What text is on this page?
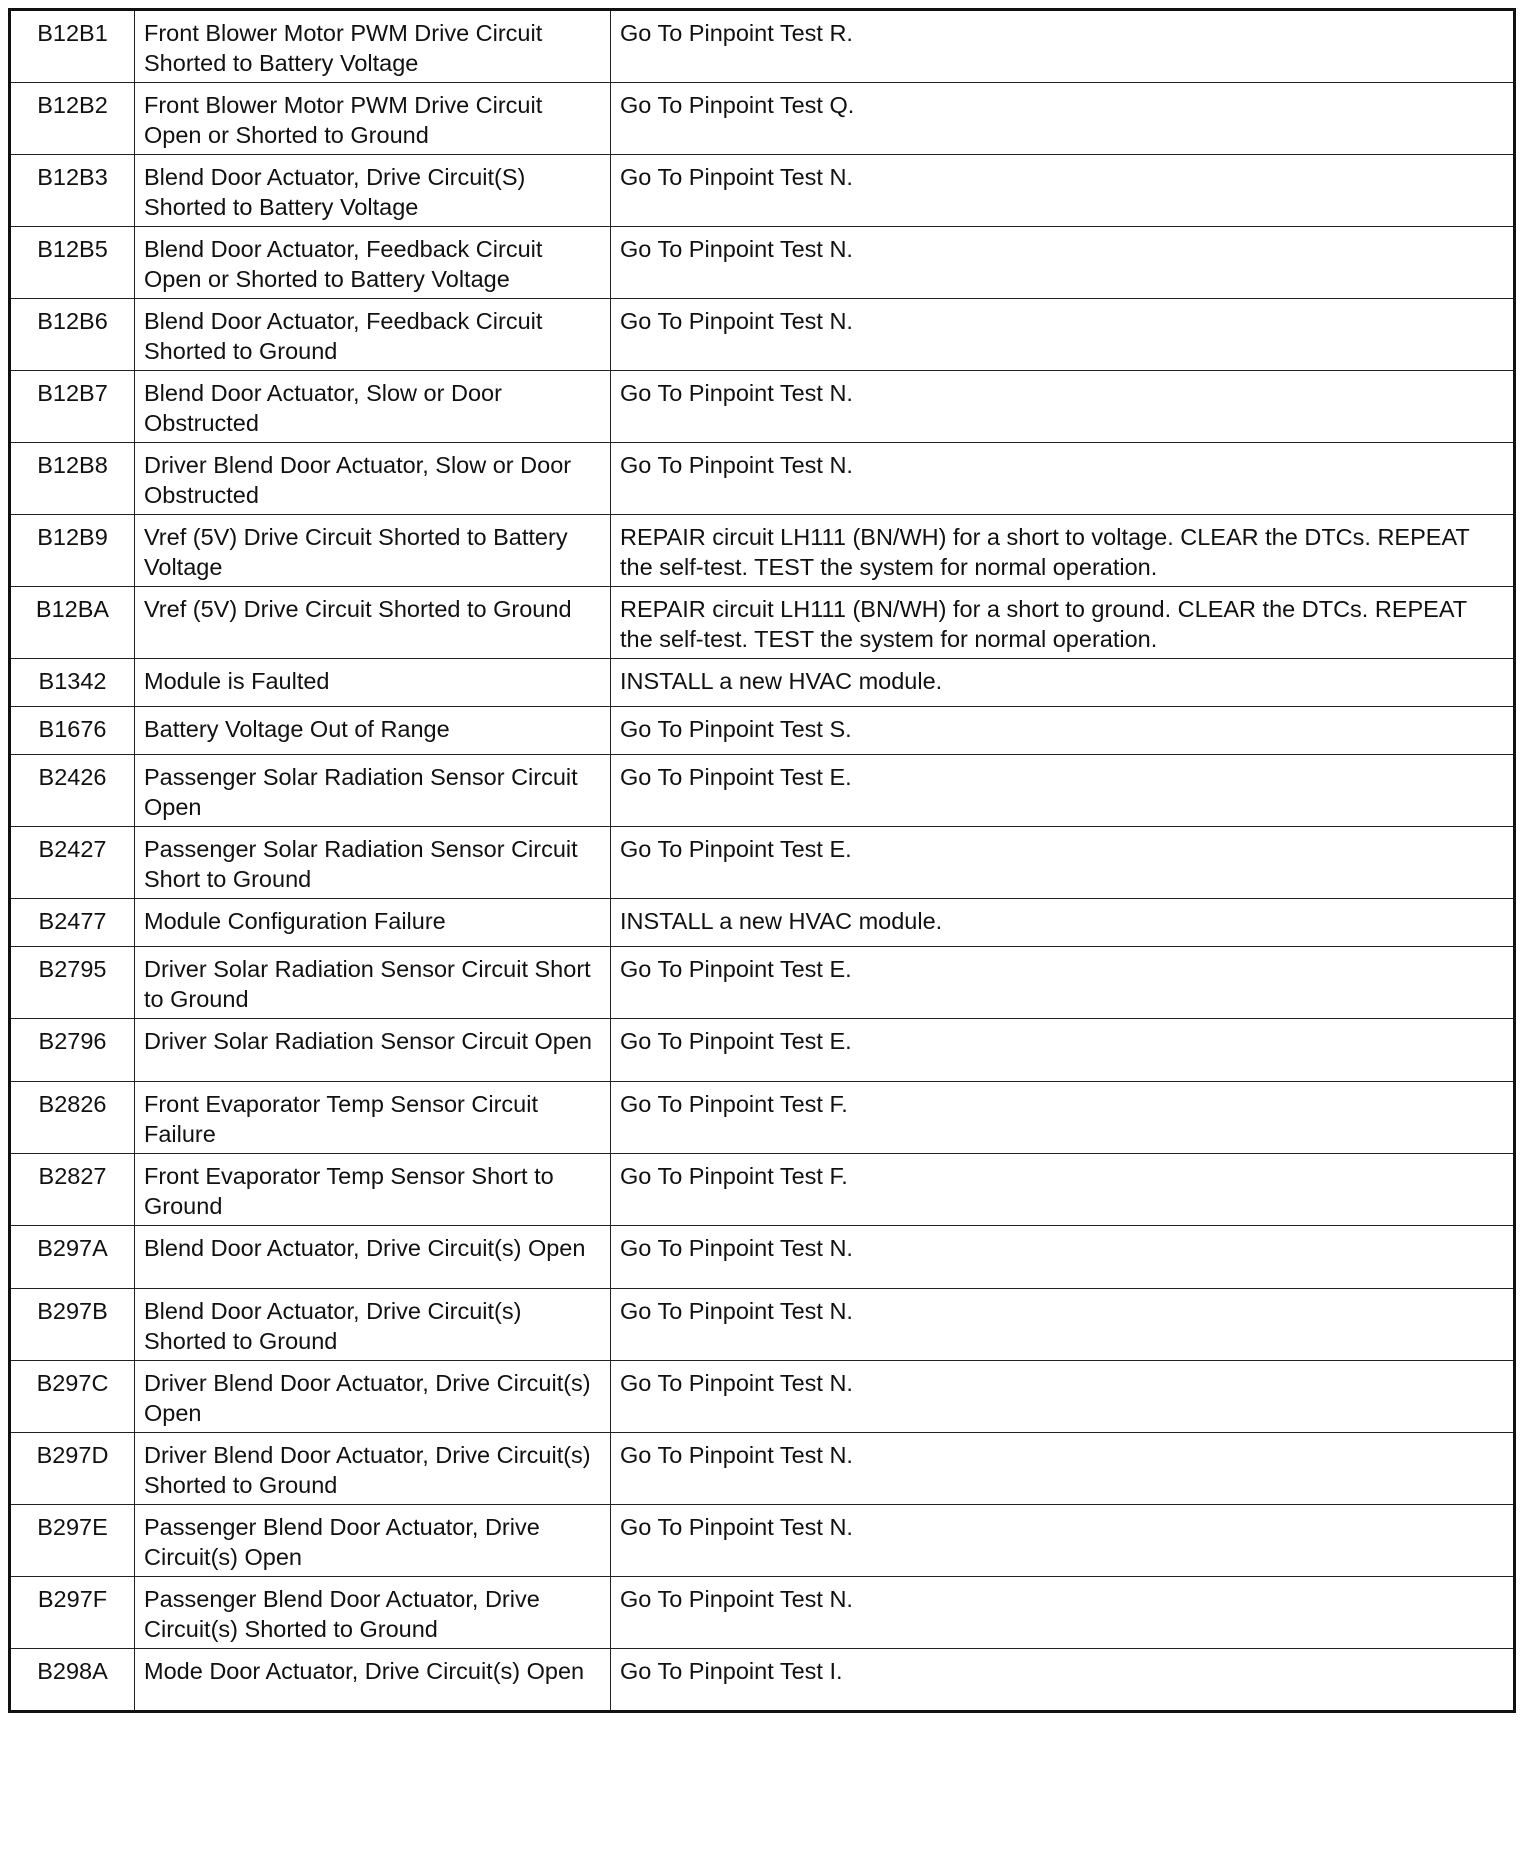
B12B1	Front Blower Motor PWM Drive Circuit Shorted to Battery Voltage	Go To Pinpoint Test R.
B12B2	Front Blower Motor PWM Drive Circuit Open or Shorted to Ground	Go To Pinpoint Test Q.
B12B3	Blend Door Actuator, Drive Circuit(S) Shorted to Battery Voltage	Go To Pinpoint Test N.
B12B5	Blend Door Actuator, Feedback Circuit Open or Shorted to Battery Voltage	Go To Pinpoint Test N.
B12B6	Blend Door Actuator, Feedback Circuit Shorted to Ground	Go To Pinpoint Test N.
B12B7	Blend Door Actuator, Slow or Door Obstructed	Go To Pinpoint Test N.
B12B8	Driver Blend Door Actuator, Slow or Door Obstructed	Go To Pinpoint Test N.
B12B9	Vref (5V) Drive Circuit Shorted to Battery Voltage	REPAIR circuit LH111 (BN/WH) for a short to voltage. CLEAR the DTCs. REPEAT the self-test. TEST the system for normal operation.
B12BA	Vref (5V) Drive Circuit Shorted to Ground	REPAIR circuit LH111 (BN/WH) for a short to ground. CLEAR the DTCs. REPEAT the self-test. TEST the system for normal operation.
B1342	Module is Faulted	INSTALL a new HVAC module.
B1676	Battery Voltage Out of Range	Go To Pinpoint Test S.
B2426	Passenger Solar Radiation Sensor Circuit Open	Go To Pinpoint Test E.
B2427	Passenger Solar Radiation Sensor Circuit Short to Ground	Go To Pinpoint Test E.
B2477	Module Configuration Failure	INSTALL a new HVAC module.
B2795	Driver Solar Radiation Sensor Circuit Short to Ground	Go To Pinpoint Test E.
B2796	Driver Solar Radiation Sensor Circuit Open	Go To Pinpoint Test E.
B2826	Front Evaporator Temp Sensor Circuit Failure	Go To Pinpoint Test F.
B2827	Front Evaporator Temp Sensor Short to Ground	Go To Pinpoint Test F.
B297A	Blend Door Actuator, Drive Circuit(s) Open	Go To Pinpoint Test N.
B297B	Blend Door Actuator, Drive Circuit(s) Shorted to Ground	Go To Pinpoint Test N.
B297C	Driver Blend Door Actuator, Drive Circuit(s) Open	Go To Pinpoint Test N.
B297D	Driver Blend Door Actuator, Drive Circuit(s) Shorted to Ground	Go To Pinpoint Test N.
B297E	Passenger Blend Door Actuator, Drive Circuit(s) Open	Go To Pinpoint Test N.
B297F	Passenger Blend Door Actuator, Drive Circuit(s) Shorted to Ground	Go To Pinpoint Test N.
B298A	Mode Door Actuator, Drive Circuit(s) Open	Go To Pinpoint Test I.
